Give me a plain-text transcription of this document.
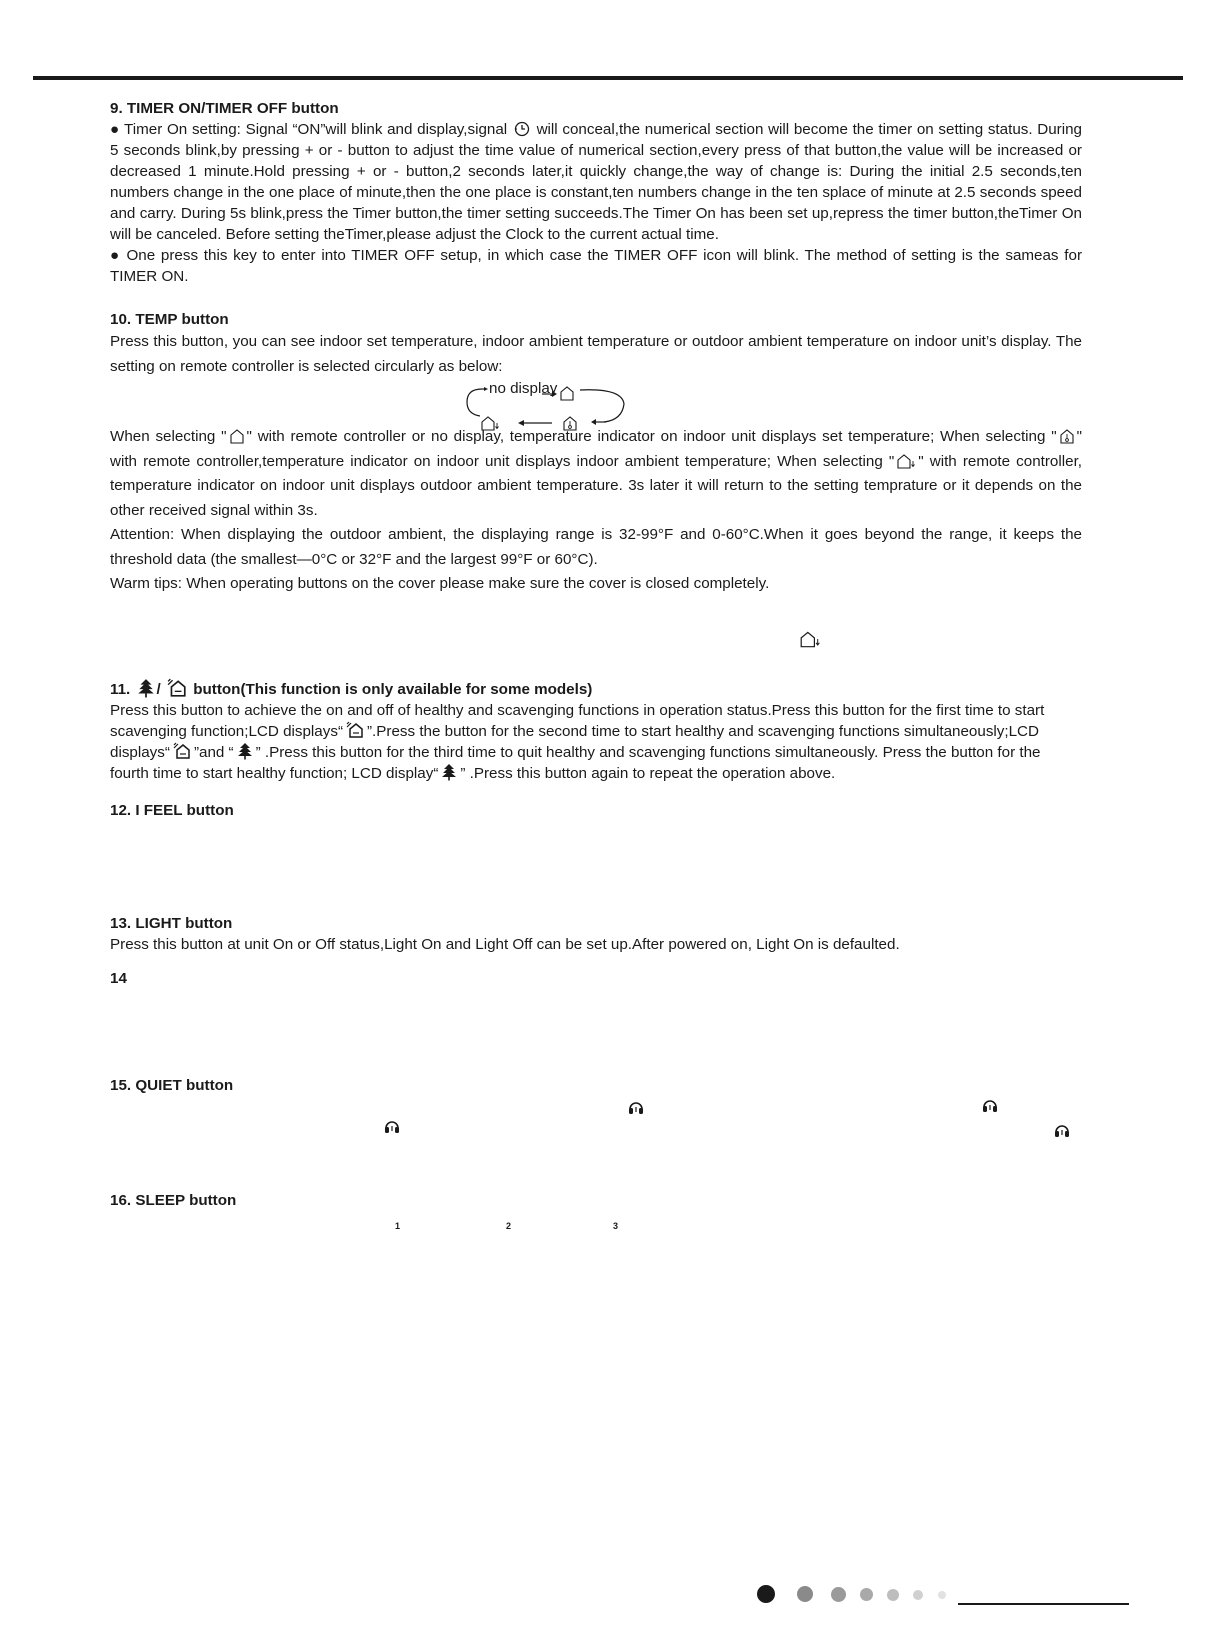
9. TIMER ON/TIMER OFF button

● Timer On setting: Signal “ON”will blink and display,signal will conceal,the numerical section will become the timer on setting status. During 5 seconds blink,by pressing + or - button to adjust the time value of numerical section,every press of that button,the value will be increased or decreased 1 minute.Hold pressing + or - button,2 seconds later,it quickly change,the way of change is: During the initial 2.5 seconds,ten numbers change in the one place of minute,then the one place is constant,ten numbers change in the ten splace of minute at 2.5 seconds speed and carry. During 5s blink,press the Timer button,the timer setting succeeds.The Timer On has been set up,repress the timer button,theTimer On will be canceled. Before setting theTimer,please adjust the Clock to the current actual time.

● One press this key to enter into TIMER OFF setup, in which case the TIMER OFF icon will blink. The method of setting is the sameas for TIMER ON.

10. TEMP button

Press this button, you can see indoor set temperature, indoor ambient temperature or outdoor ambient temperature on indoor unit’s display. The setting on remote controller is selected circularly as below:

When selecting " " with remote controller or no display, temperature indicator on indoor unit displays set temperature; When selecting " " with remote controller,temperature indicator on indoor unit displays indoor ambient temperature; When selecting " " with remote controller, temperature indicator on indoor unit displays outdoor ambient temperature. 3s later it will return to the setting temprature or it depends on the other received signal within 3s.

Attention: When displaying the outdoor ambient, the displaying range is 32-99°F and 0-60°C.When it goes beyond the range, it keeps the threshold data (the smallest—0°C or 32°F and the largest 99°F or 60°C).

Warm tips: When operating buttons on the cover please make sure the cover is closed completely.

no display
11. / button(This function is only available for some models)

Press this button to achieve the on and off of healthy and scavenging functions in operation status.Press this button for the first time to start scavenging function;LCD displays“ ”.Press the button for the second time to start healthy and scavenging functions simultaneously;LCD displays“ ”and “ ” .Press this button for the third time to quit healthy and scavenging functions simultaneously. Press the button for the fourth time to start healthy function; LCD display“ ” .Press this button again to repeat the operation above.

12. I FEEL button
13. LIGHT button

Press this button at unit On or Off status,Light On and Light Off can be set up.After powered on, Light On is defaulted.

14
15. QUIET button
16. SLEEP button
1	2	3
